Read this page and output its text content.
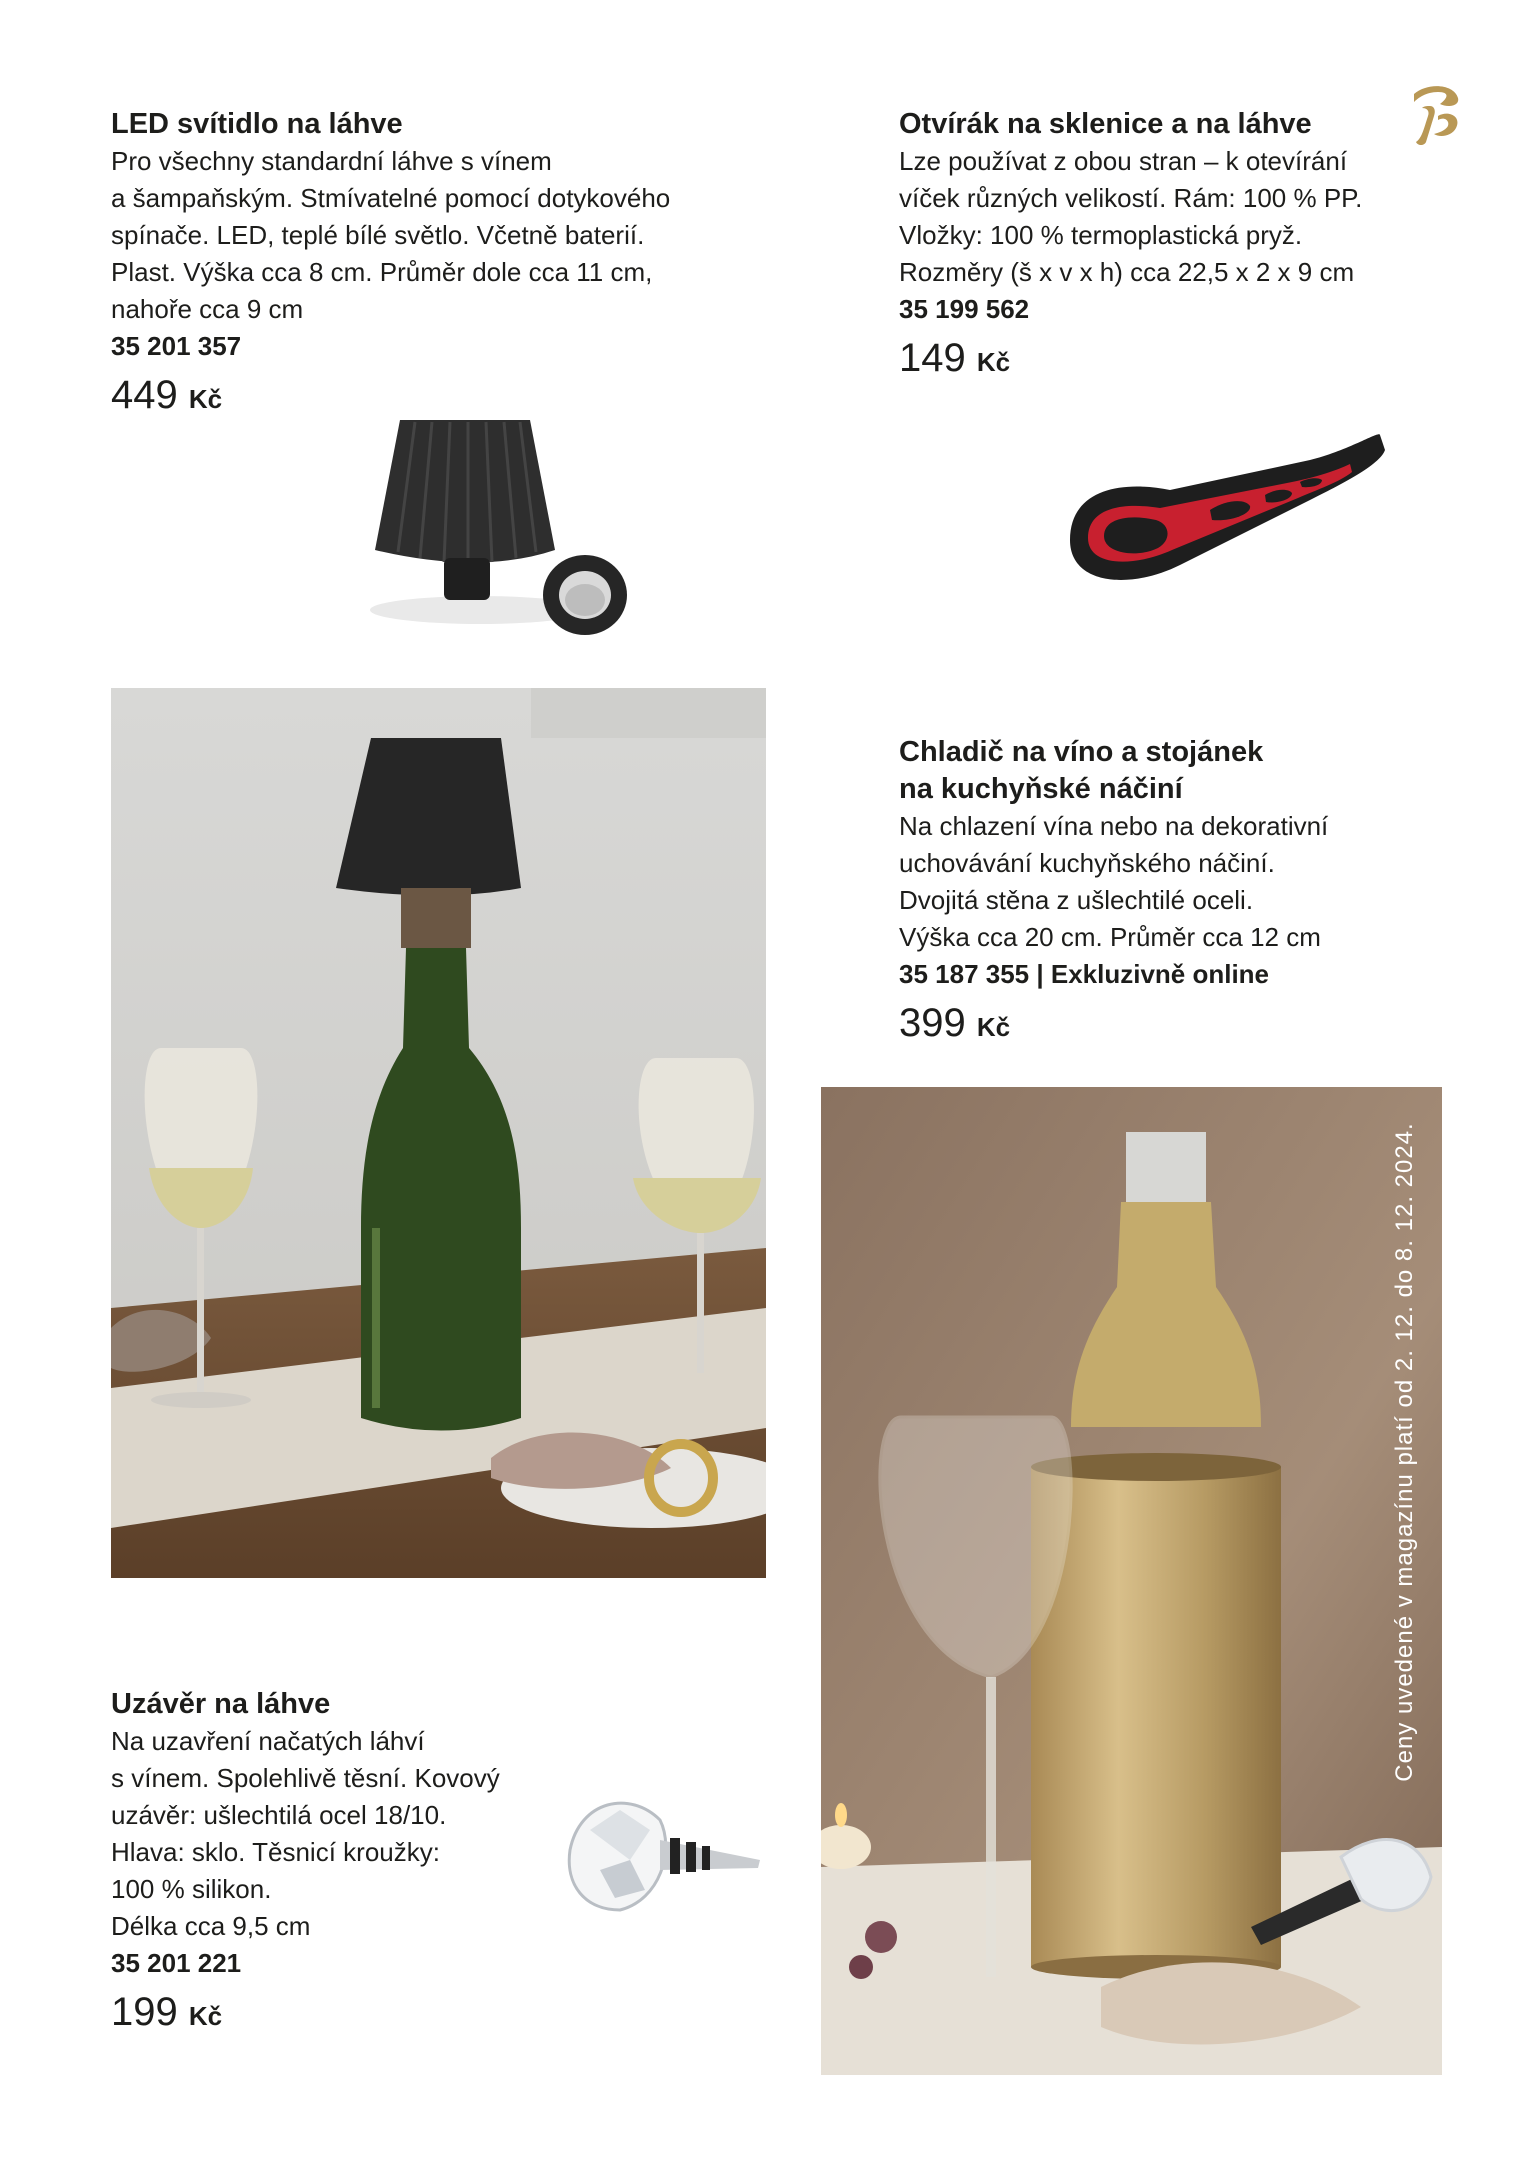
LED svítidlo na láhve
Pro všechny standardní láhve s vínem
a šampaňským. Stmívatelné pomocí dotykového
spínače. LED, teplé bílé světlo. Včetně baterií.
Plast. Výška cca 8 cm. Průměr dole cca 11 cm,
nahoře cca 9 cm
35 201 357
449 Kč
Otvírák na sklenice a na láhve
Lze používat z obou stran – k otevírání
víček různých velikostí. Rám: 100 % PP.
Vložky: 100 % termoplastická pryž.
Rozměry (š x v x h) cca 22,5 x 2 x 9 cm
35 199 562
149 Kč
Chladič na víno a stojánek
na kuchyňské náčiní
Na chlazení vína nebo na dekorativní
uchovávání kuchyňského náčiní.
Dvojitá stěna z ušlechtilé oceli.
Výška cca 20 cm. Průměr cca 12 cm
35 187 355 | Exkluzivně online
399 Kč
Ceny uvedené v magazínu platí od 2. 12. do 8. 12. 2024.
Uzávěr na láhve
Na uzavření načatých láhví
s vínem. Spolehlivě těsní. Kovový
uzávěr: ušlechtilá ocel 18/10.
Hlava: sklo. Těsnicí kroužky:
100 % silikon.
Délka cca 9,5 cm
35 201 221
199 Kč
